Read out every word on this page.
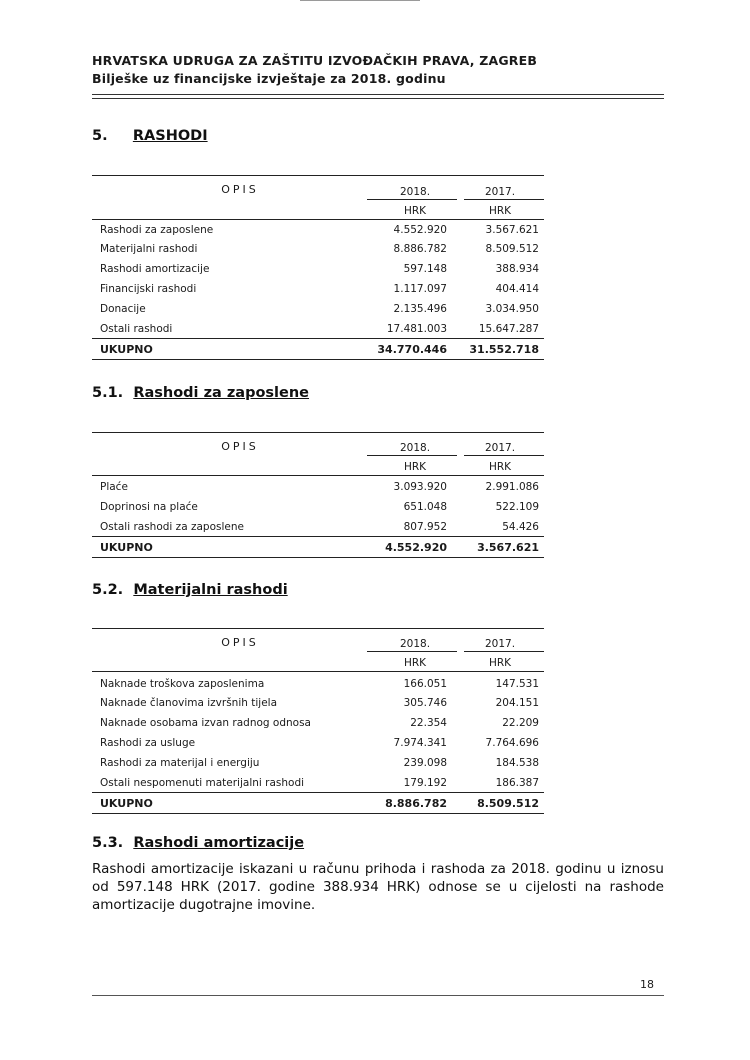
HRVATSKA UDRUGA ZA ZAŠTITU IZVOĐAČKIH PRAVA, ZAGREB
Bilješke uz financijske izvještaje za 2018. godinu
5. RASHODI
OPIS	2018.	2017.
HRK	HRK
Rashodi za zaposlene	4.552.920	3.567.621
Materijalni rashodi	8.886.782	8.509.512
Rashodi amortizacije	597.148	388.934
Financijski rashodi	1.117.097	404.414
Donacije	2.135.496	3.034.950
Ostali rashodi	17.481.003	15.647.287
UKUPNO	34.770.446	31.552.718
5.1. Rashodi za zaposlene
OPIS	2018.	2017.
HRK	HRK
Plaće	3.093.920	2.991.086
Doprinosi na plaće	651.048	522.109
Ostali rashodi za zaposlene	807.952	54.426
UKUPNO	4.552.920	3.567.621
5.2. Materijalni rashodi
OPIS	2018.	2017.
HRK	HRK
Naknade troškova zaposlenima	166.051	147.531
Naknade članovima izvršnih tijela	305.746	204.151
Naknade osobama izvan radnog odnosa	22.354	22.209
Rashodi za usluge	7.974.341	7.764.696
Rashodi za materijal i energiju	239.098	184.538
Ostali nespomenuti materijalni rashodi	179.192	186.387
UKUPNO	8.886.782	8.509.512
5.3. Rashodi amortizacije
Rashodi amortizacije iskazani u računu prihoda i rashoda za 2018. godinu u iznosu od 597.148 HRK (2017. godine 388.934 HRK) odnose se u cijelosti na rashode amortizacije dugotrajne imovine.
18
